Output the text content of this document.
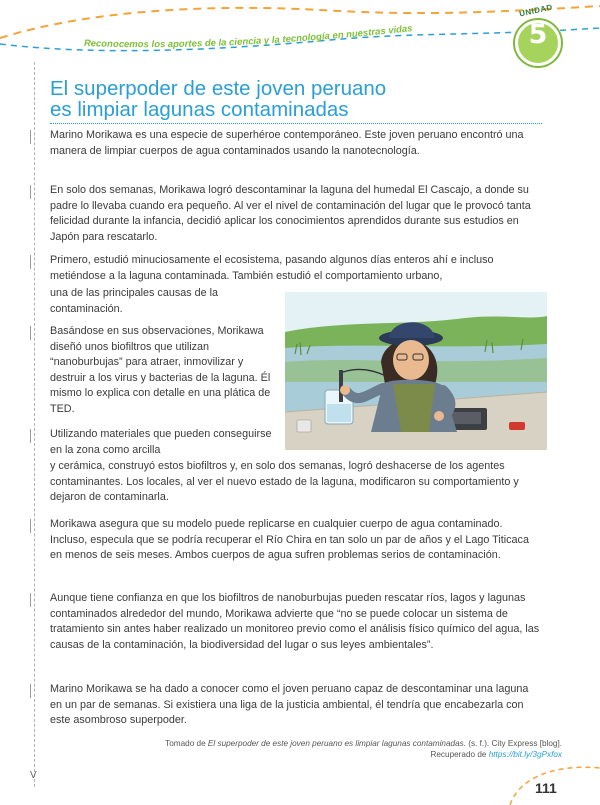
Reconocemos los aportes de la ciencia y la tecnología en nuestras vidas
UNIDAD
5
V
El superpoder de este joven peruano
es limpiar lagunas contaminadas

Marino Morikawa es una especie de superhéroe contemporáneo. Este joven peruano encontró una manera de limpiar cuerpos de agua contaminados usando la nanotecnología.

En solo dos semanas, Morikawa logró descontaminar la laguna del humedal El Cascajo, a donde su padre lo llevaba cuando era pequeño. Al ver el nivel de contaminación del lugar que le provocó tanta felicidad durante la infancia, decidió aplicar los conocimientos aprendidos durante sus estudios en Japón para rescatarlo.

Primero, estudió minuciosamente el ecosistema, pasando algunos días enteros ahí e incluso metiéndose a la laguna contaminada. También estudió el comportamiento urbano,

una de las principales causas de la contaminación.

Basándose en sus observaciones, Morikawa diseñó unos biofiltros que utilizan “nanoburbujas” para atraer, inmovilizar y destruir a los virus y bacterias de la laguna. Él mismo lo explica con detalle en una plática de TED.

Utilizando materiales que pueden conseguirse en la zona como arcilla

y cerámica, construyó estos biofiltros y, en solo dos semanas, logró deshacerse de los agentes contaminantes. Los locales, al ver el nuevo estado de la laguna, modificaron su comportamiento y dejaron de contaminarla.

Morikawa asegura que su modelo puede replicarse en cualquier cuerpo de agua contaminado. Incluso, especula que se podría recuperar el Río Chira en tan solo un par de años y el Lago Titicaca en menos de seis meses. Ambos cuerpos de agua sufren problemas serios de contaminación.

Aunque tiene confianza en que los biofiltros de nanoburbujas pueden rescatar ríos, lagos y lagunas contaminados alrededor del mundo, Morikawa advierte que “no se puede colocar un sistema de tratamiento sin antes haber realizado un monitoreo previo como el análisis físico químico del agua, las causas de la contaminación, la biodiversidad del lugar o sus leyes ambientales”.

Marino Morikawa se ha dado a conocer como el joven peruano capaz de descontaminar una laguna en un par de semanas. Si existiera una liga de la justicia ambiental, él tendría que encabezarla con este asombroso superpoder.

Tomado de El superpoder de este joven peruano es limpiar lagunas contaminadas. (s. f.). City Express [blog].
Recuperado de https://bit.ly/3gPxfox

111
